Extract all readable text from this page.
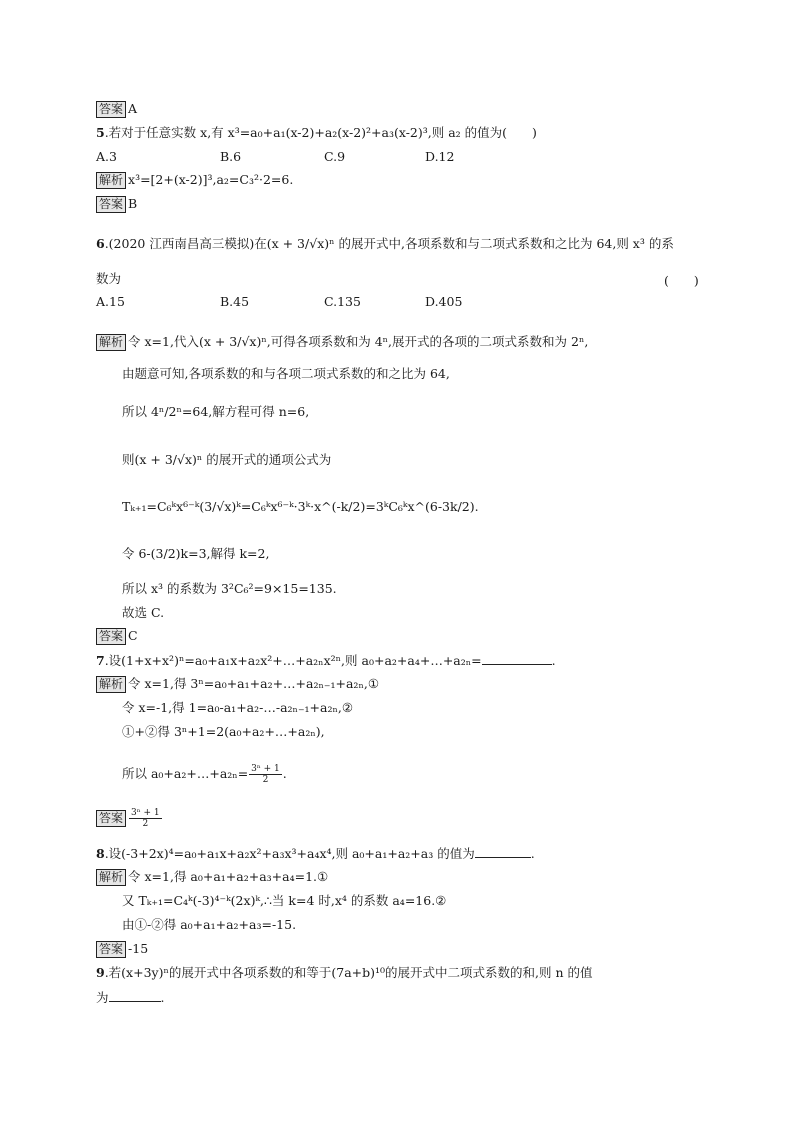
答案 A
5.若对于任意实数 x,有 x³=a₀+a₁(x-2)+a₂(x-2)²+a₃(x-2)³,则 a₂ 的值为(　　)
A.3	B.6	C.9	D.12
解析 x³=[2+(x-2)]³,a₂=C₃²·2=6.
答案 B
6.(2020 江西南昌高三模拟)在(x + 3/√x)ⁿ 的展开式中,各项系数和与二项式系数和之比为 64,则 x³ 的系
数为	(　　)
A.15	B.45	C.135	D.405
解析 令 x=1,代入(x + 3/√x)ⁿ,可得各项系数和为 4ⁿ,展开式的各项的二项式系数和为 2ⁿ,
由题意可知,各项系数的和与各项二项式系数的和之比为 64,
所以 4ⁿ/2ⁿ=64,解方程可得 n=6,
则(x + 3/√x)ⁿ 的展开式的通项公式为
Tₖ₊₁=C₆ᵏx⁶⁻ᵏ(3/√x)ᵏ=C₆ᵏx⁶⁻ᵏ·3ᵏ·x^(-k/2)=3ᵏC₆ᵏx^(6-3k/2).
令 6-(3/2)k=3,解得 k=2,
所以 x³ 的系数为 3²C₆²=9×15=135.
故选 C.
答案 C
7.设(1+x+x²)ⁿ=a₀+a₁x+a₂x²+…+a₂ₙx²ⁿ,则 a₀+a₂+a₄+…+a₂ₙ=	.
解析 令 x=1,得 3ⁿ=a₀+a₁+a₂+…+a₂ₙ₋₁+a₂ₙ,①
令 x=-1,得 1=a₀-a₁+a₂-…-a₂ₙ₋₁+a₂ₙ,②
①+②得 3ⁿ+1=2(a₀+a₂+…+a₂ₙ),
所以 a₀+a₂+…+a₂ₙ= $\frac{\text{3ⁿ + 1}}{2}$ .
答案 $\frac{\text{3ⁿ + 1}}{2}$
8.设(-3+2x)⁴=a₀+a₁x+a₂x²+a₃x³+a₄x⁴,则 a₀+a₁+a₂+a₃ 的值为	.
解析 令 x=1,得 a₀+a₁+a₂+a₃+a₄=1.①
又 Tₖ₊₁=C₄ᵏ(-3)⁴⁻ᵏ(2x)ᵏ,∴当 k=4 时,x⁴ 的系数 a₄=16.②
由①-②得 a₀+a₁+a₂+a₃=-15.
答案 -15
9.若(x+3y)ⁿ的展开式中各项系数的和等于(7a+b)¹⁰的展开式中二项式系数的和,则 n 的值
为	.
